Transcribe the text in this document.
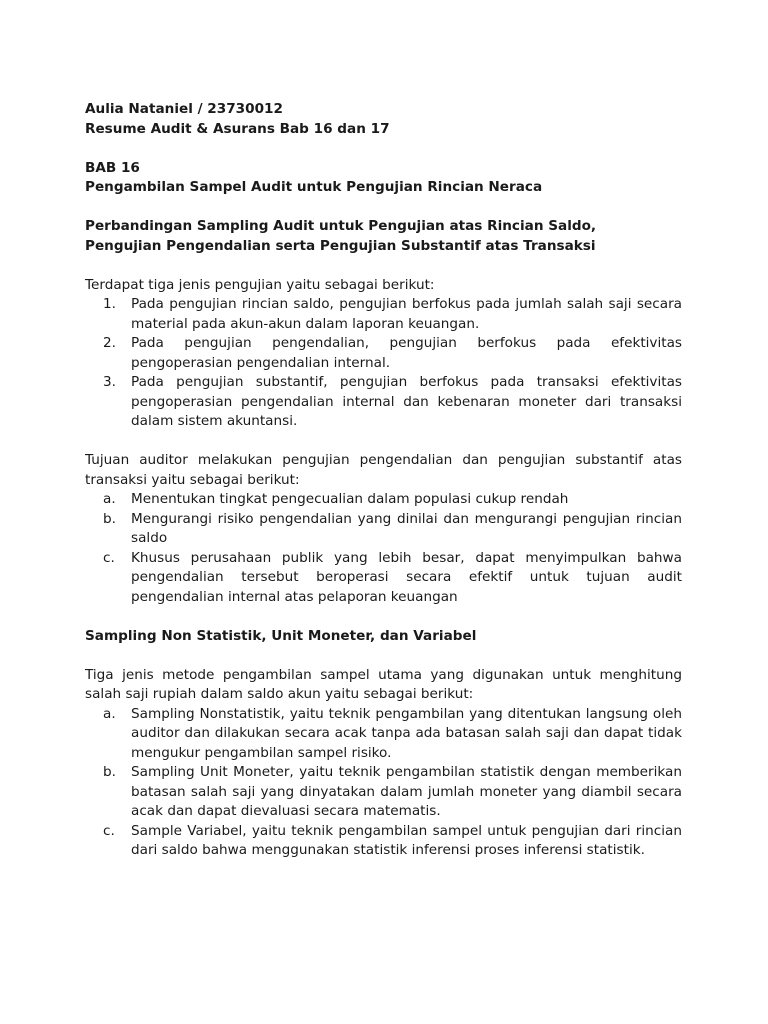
Aulia Nataniel / 23730012

Resume Audit & Asurans Bab 16 dan 17

BAB 16

Pengambilan Sampel Audit untuk Pengujian Rincian Neraca

Perbandingan Sampling Audit untuk Pengujian atas Rincian Saldo,

Pengujian Pengendalian serta Pengujian Substantif atas Transaksi

Terdapat tiga jenis pengujian yaitu sebagai berikut:

1.	Pada pengujian rincian saldo, pengujian berfokus pada jumlah salah saji secara material pada akun-akun dalam laporan keuangan.
2.	Pada pengujian pengendalian, pengujian berfokus pada efektivitas pengoperasian pengendalian internal.
3.	Pada pengujian substantif, pengujian berfokus pada transaksi efektivitas pengoperasian pengendalian internal dan kebenaran moneter dari transaksi dalam sistem akuntansi.

Tujuan auditor melakukan pengujian pengendalian dan pengujian substantif atas transaksi yaitu sebagai berikut:

a.	Menentukan tingkat pengecualian dalam populasi cukup rendah
b.	Mengurangi risiko pengendalian yang dinilai dan mengurangi pengujian rincian saldo
c.	Khusus perusahaan publik yang lebih besar, dapat menyimpulkan bahwa pengendalian tersebut beroperasi secara efektif untuk tujuan audit pengendalian internal atas pelaporan keuangan

Sampling Non Statistik, Unit Moneter, dan Variabel

Tiga jenis metode pengambilan sampel utama yang digunakan untuk menghitung salah saji rupiah dalam saldo akun yaitu sebagai berikut:

a.	Sampling Nonstatistik, yaitu teknik pengambilan yang ditentukan langsung oleh auditor dan dilakukan secara acak tanpa ada batasan salah saji dan dapat tidak mengukur pengambilan sampel risiko.
b.	Sampling Unit Moneter, yaitu teknik pengambilan statistik dengan memberikan batasan salah saji yang dinyatakan dalam jumlah moneter yang diambil secara acak dan dapat dievaluasi secara matematis.
c.	Sample Variabel, yaitu teknik pengambilan sampel untuk pengujian dari rincian dari saldo bahwa menggunakan statistik inferensi proses inferensi statistik.
